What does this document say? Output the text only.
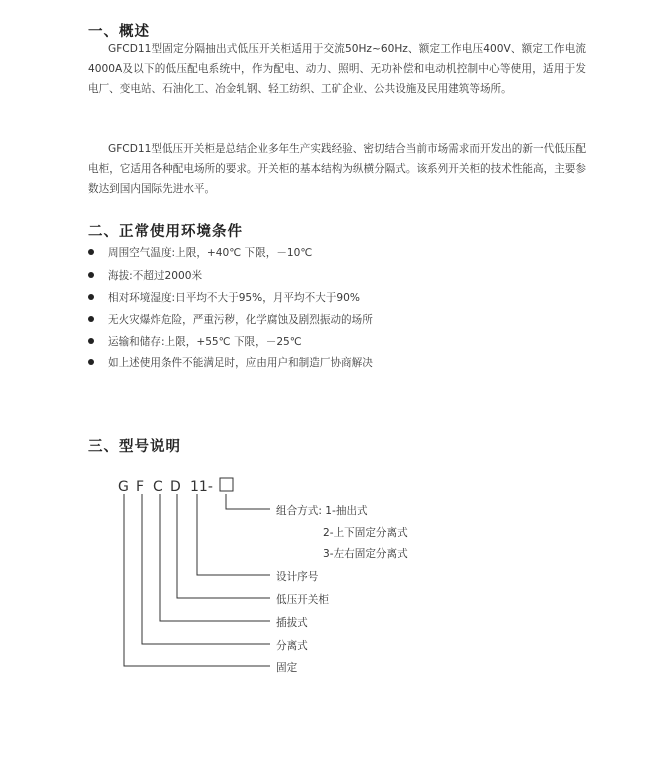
一、概述

GFCD11型固定分隔抽出式低压开关柜适用于交流50Hz~60Hz、额定工作电压400V、额定工作电流4000A及以下的低压配电系统中，作为配电、动力、照明、无功补偿和电动机控制中心等使用，适用于发电厂、变电站、石油化工、冶金轧钢、轻工纺织、工矿企业、公共设施及民用建筑等场所。

GFCD11型低压开关柜是总结企业多年生产实践经验、密切结合当前市场需求而开发出的新一代低压配电柜，它适用各种配电场所的要求。开关柜的基本结构为纵横分隔式。该系列开关柜的技术性能高，主要参数达到国内国际先进水平。

二、正常使用环境条件
周围空气温度:上限，+40℃ 下限，－10℃
海拔:不超过2000米
相对环境湿度:日平均不大于95%，月平均不大于90%
无火灾爆炸危险，严重污秽，化学腐蚀及剧烈振动的场所
运输和储存:上限，+55℃ 下限，－25℃
如上述使用条件不能满足时，应由用户和制造厂协商解决
三、型号说明
G F C D 11-
组合方式: 1-抽出式
2-上下固定分离式
3-左右固定分离式
设计序号
低压开关柜
插拔式
分离式
固定
